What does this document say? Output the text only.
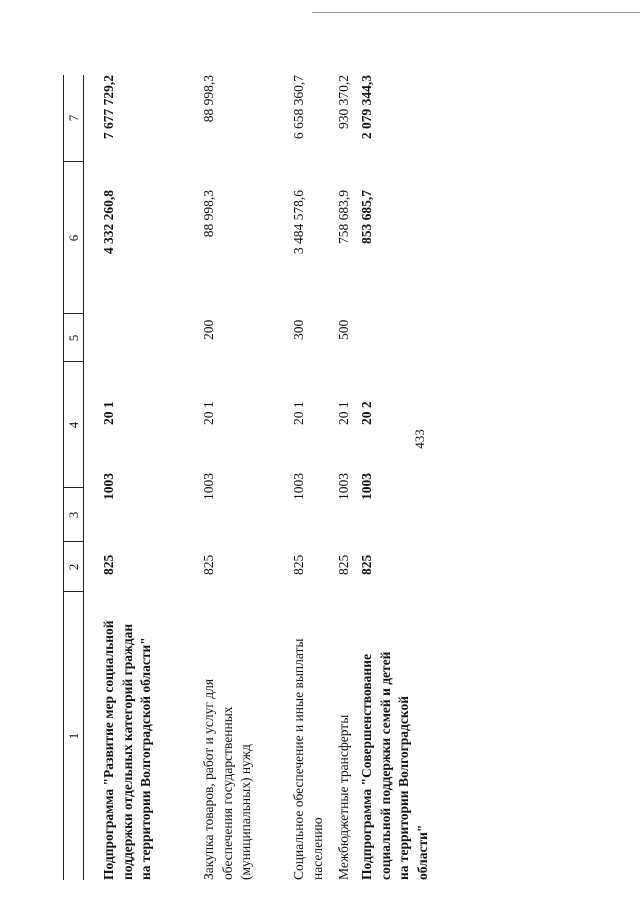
433
1
2
3
4
5
6
7
Подпрограмма "Развитие мер социальной поддержки отдельных категорий граждан на территории Волгоградской области"
825
1003
20 1
4 332 260,8
7 677 729,2
Закупка товаров, работ и услуг для обеспечения государственных (муниципальных) нужд
825
1003
20 1
200
88 998,3
88 998,3
Социальное обеспечение и иные выплаты населению
825
1003
20 1
300
3 484 578,6
6 658 360,7
Межбюджетные трансферты
825
1003
20 1
500
758 683,9
930 370,2
Подпрограмма "Совершенствование социальной поддержки семей и детей на территории Волгоградской области"
825
1003
20 2
853 685,7
2 079 344,3
